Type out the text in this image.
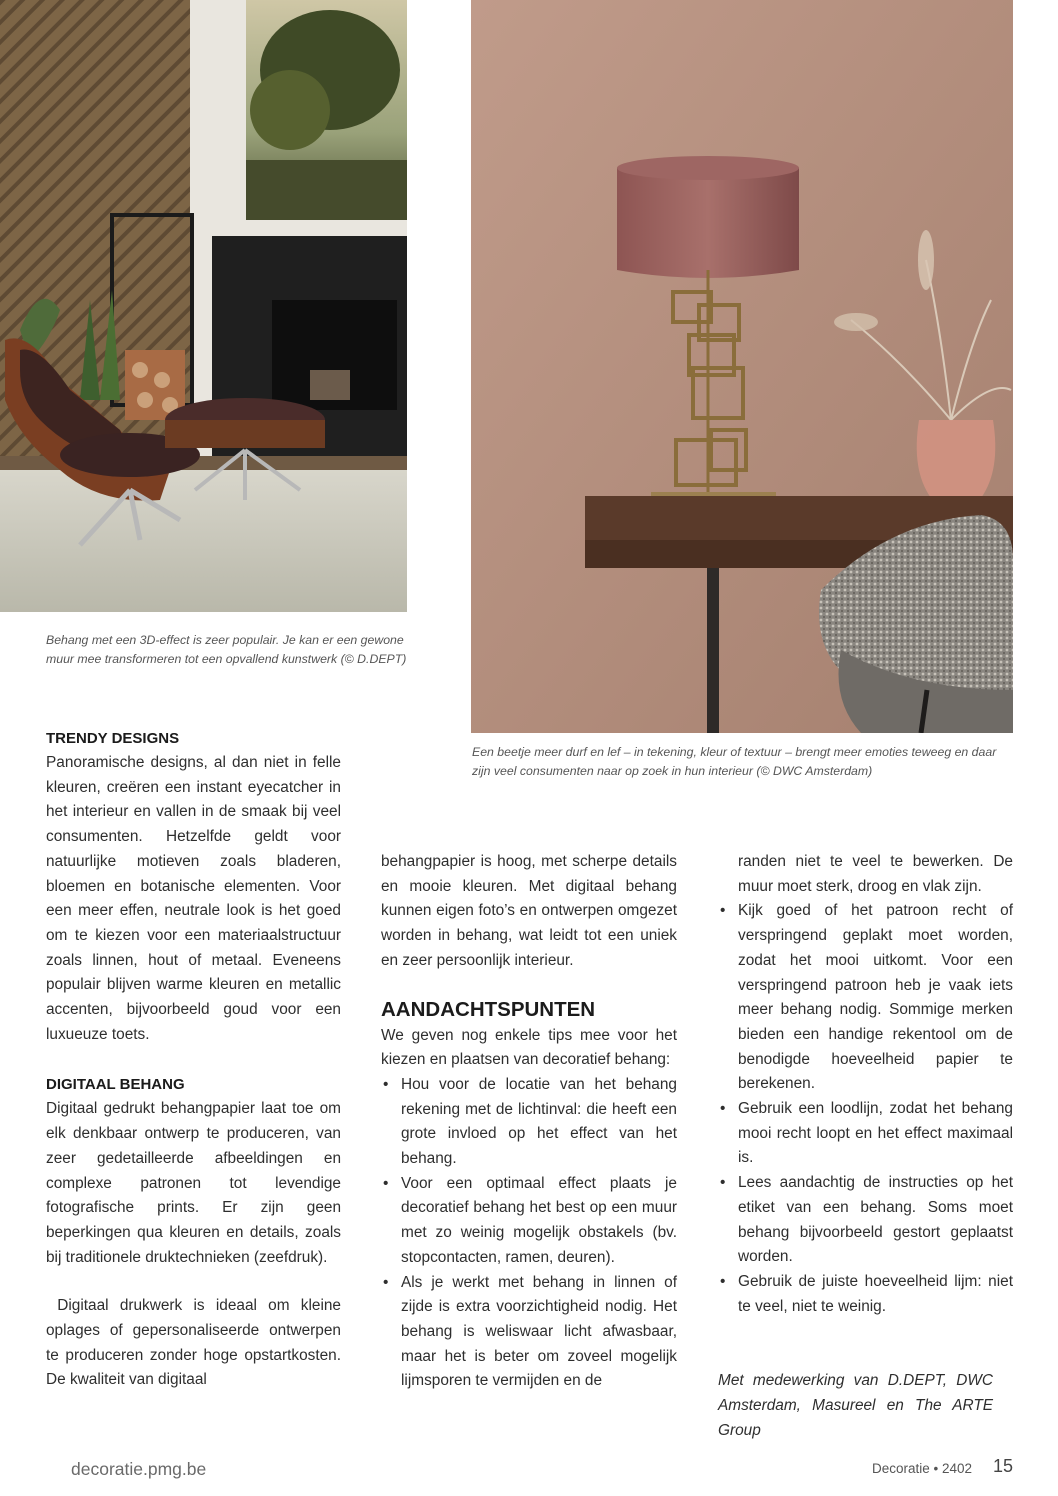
Behang met een 3D-effect is zeer populair. Je kan er een gewone muur mee transformeren tot een opvallend kunstwerk (© D.DEPT)

Een beetje meer durf en lef – in tekening, kleur of textuur – brengt meer emoties teweeg en daar zijn veel consumenten naar op zoek in hun interieur (© DWC Amsterdam)

TRENDY DESIGNS

Panoramische designs, al dan niet in felle kleuren, creëren een instant eyecatcher in het interieur en vallen in de smaak bij veel consumenten. Hetzelfde geldt voor natuurlijke motieven zoals bladeren, bloemen en botanische elementen. Voor een meer effen, neutrale look is het goed om te kiezen voor een materiaalstructuur zoals linnen, hout of metaal. Eveneens populair blijven warme kleuren en metallic accenten, bijvoorbeeld goud voor een luxueuze toets.

DIGITAAL BEHANG

Digitaal gedrukt behangpapier laat toe om elk denkbaar ontwerp te produceren, van zeer gedetailleerde afbeeldingen en complexe patronen tot levendige fotografische prints. Er zijn geen beperkingen qua kleuren en details, zoals bij traditionele druktechnieken (zeefdruk).

Digitaal drukwerk is ideaal om kleine oplages of gepersonaliseerde ontwerpen te produceren zonder hoge opstartkosten. De kwaliteit van digitaal

behangpapier is hoog, met scherpe details en mooie kleuren. Met digitaal behang kunnen eigen foto’s en ontwerpen omgezet worden in behang, wat leidt tot een uniek en zeer persoonlijk interieur.

AANDACHTSPUNTEN

We geven nog enkele tips mee voor het kiezen en plaatsen van decoratief behang:

• Hou voor de locatie van het behang rekening met de lichtinval: die heeft een grote invloed op het effect van het behang.
• Voor een optimaal effect plaats je decoratief behang het best op een muur met zo weinig mogelijk obstakels (bv. stopcontacten, ramen, deuren).
• Als je werkt met behang in linnen of zijde is extra voorzichtigheid nodig. Het behang is weliswaar licht afwasbaar, maar het is beter om zoveel mogelijk lijmsporen te vermijden en de

randen niet te veel te bewerken. De muur moet sterk, droog en vlak zijn.

• Kijk goed of het patroon recht of verspringend geplakt moet worden, zodat het mooi uitkomt. Voor een verspringend patroon heb je vaak iets meer behang nodig. Sommige merken bieden een handige rekentool om de benodigde hoeveelheid papier te berekenen.
• Gebruik een loodlijn, zodat het behang mooi recht loopt en het effect maximaal is.
• Lees aandachtig de instructies op het etiket van een behang. Soms moet behang bijvoorbeeld gestort geplaatst worden.
• Gebruik de juiste hoeveelheid lijm: niet te veel, niet te weinig.

Met medewerking van D.DEPT, DWC Amsterdam, Masureel en The ARTE Group

decoratie.pmg.be	Decoratie • 2402 15
